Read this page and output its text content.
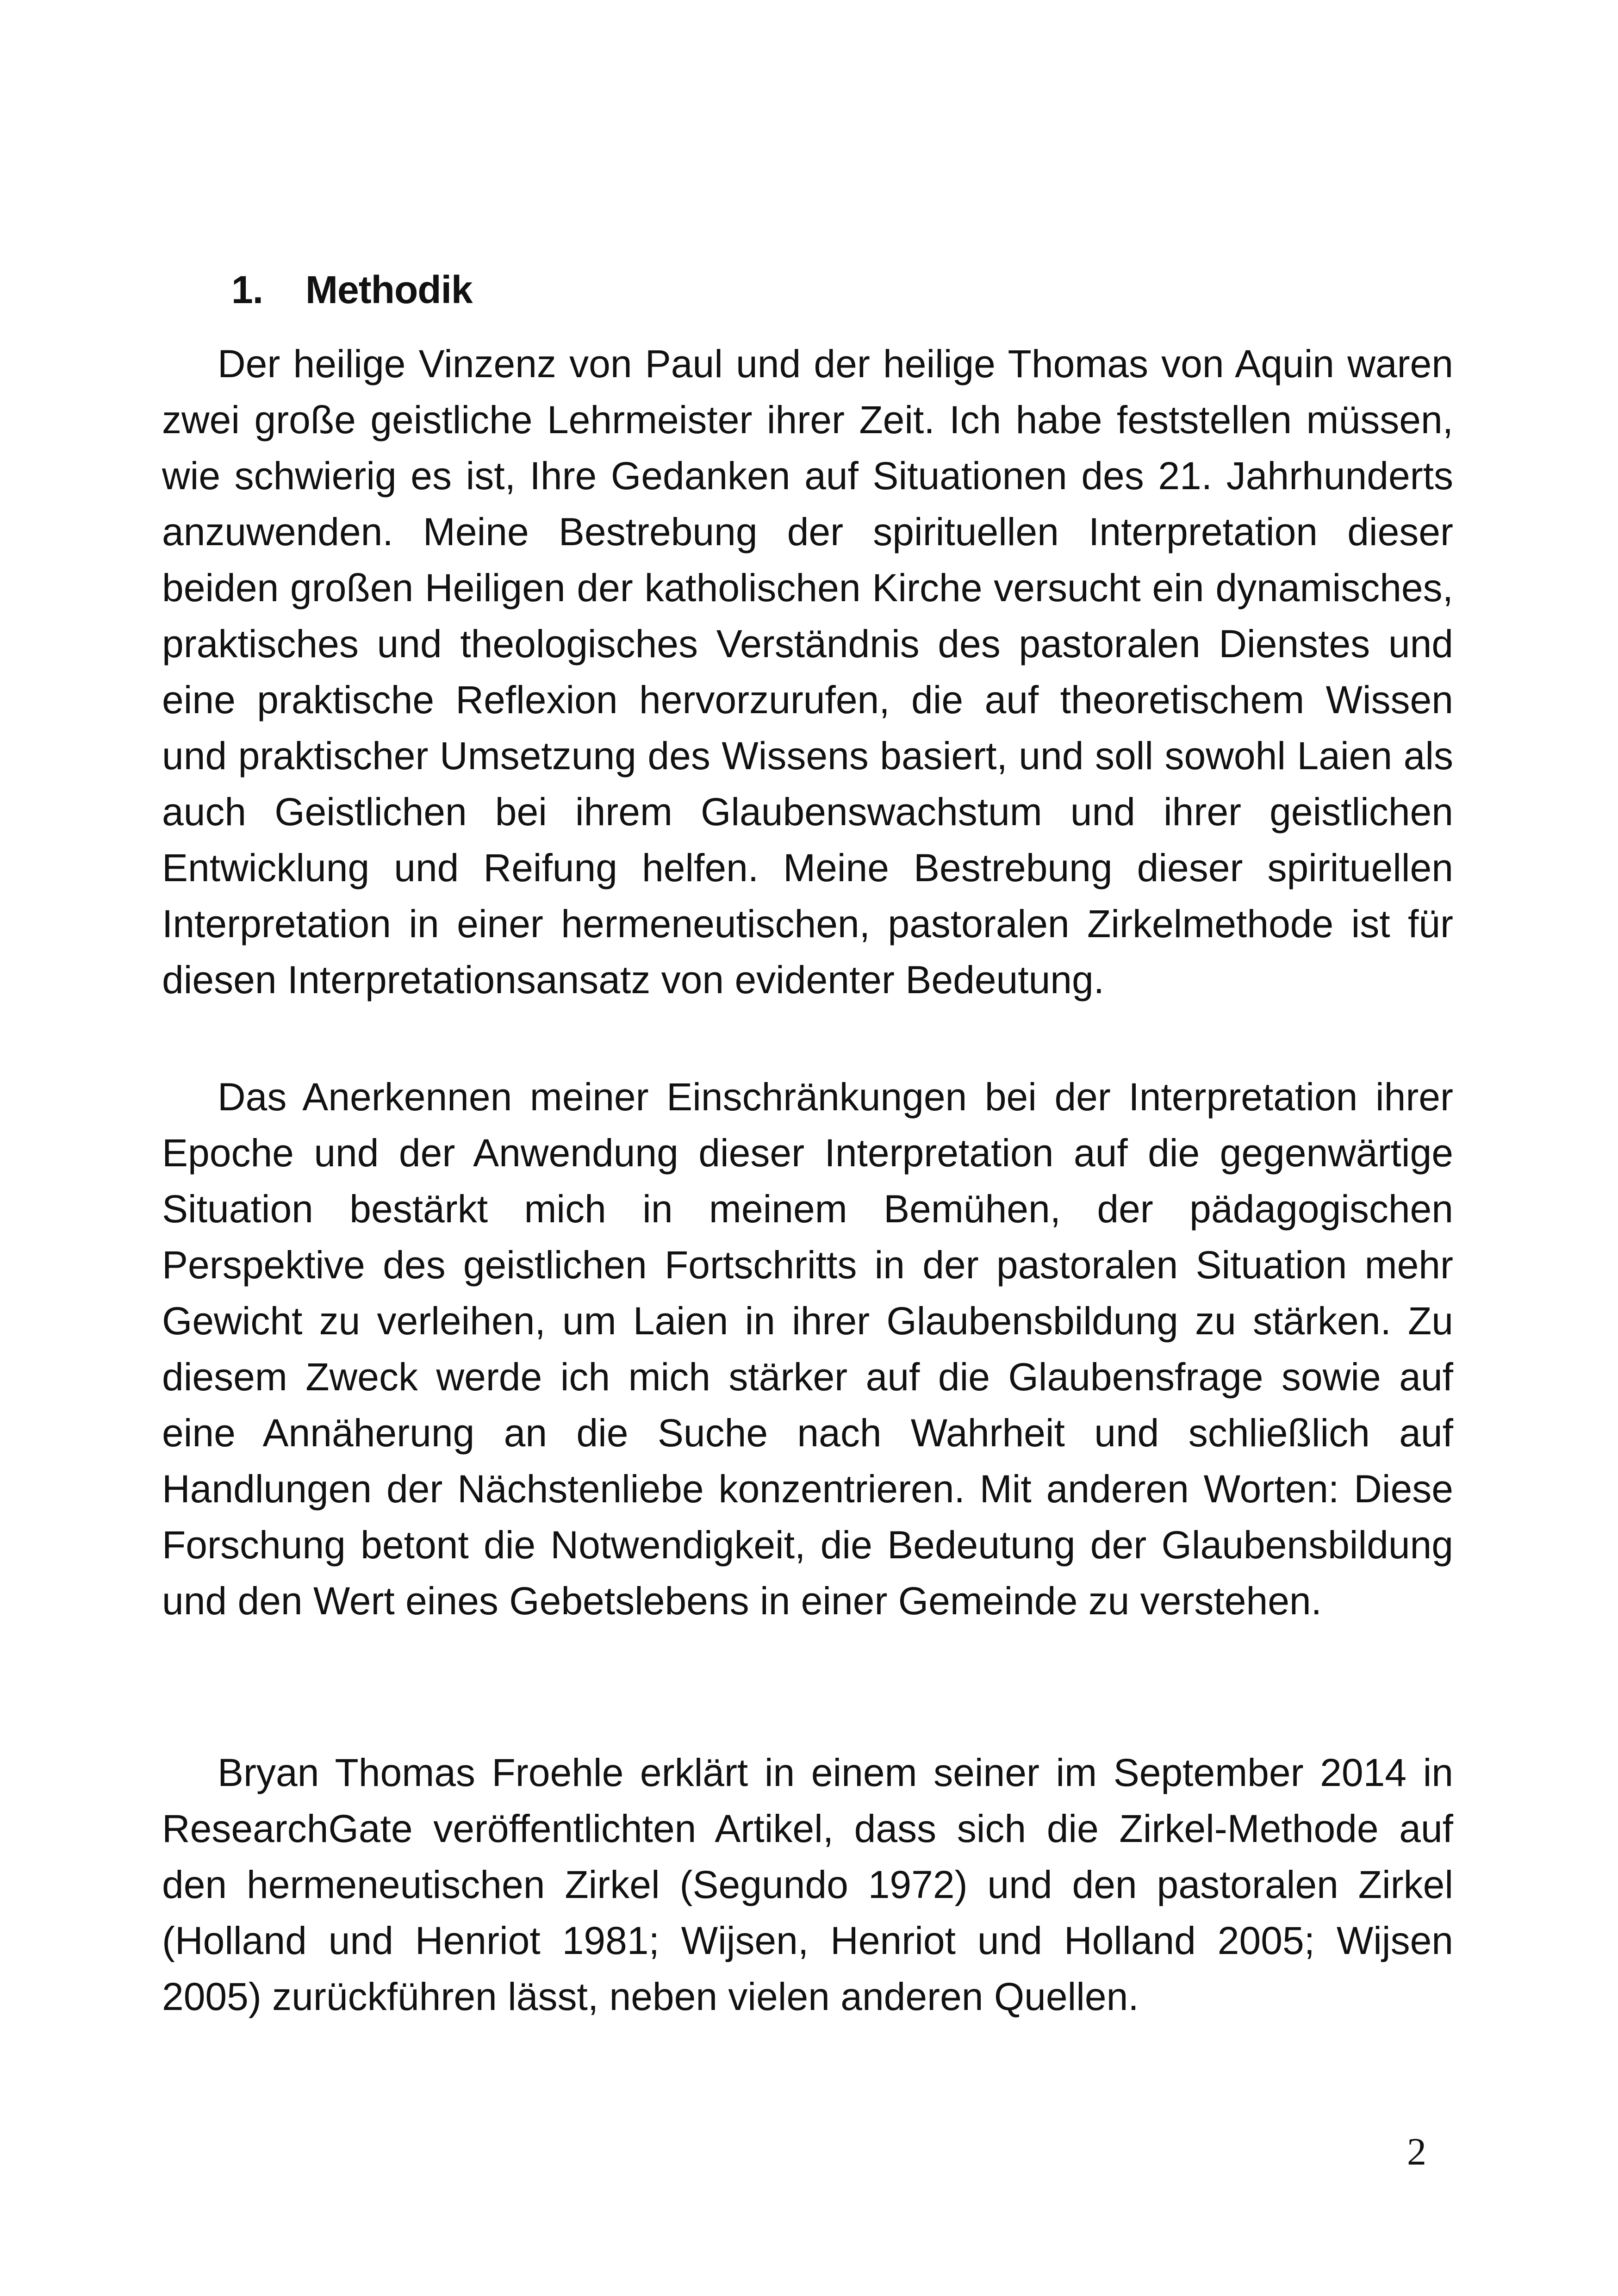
1. Methodik

Der heilige Vinzenz von Paul und der heilige Thomas von Aquin waren zwei große geistliche Lehrmeister ihrer Zeit. Ich habe feststellen müssen, wie schwierig es ist, Ihre Gedanken auf Situationen des 21. Jahrhunderts anzuwenden. Meine Bestrebung der spirituellen Interpretation dieser beiden großen Heiligen der katholischen Kirche versucht ein dynamisches, praktisches und theologisches Verständnis des pastoralen Dienstes und eine praktische Reflexion hervorzurufen, die auf theoretischem Wissen und praktischer Umsetzung des Wissens basiert, und soll sowohl Laien als auch Geistlichen bei ihrem Glaubenswachstum und ihrer geistlichen Entwicklung und Reifung helfen. Meine Bestrebung dieser spirituellen Interpretation in einer hermeneutischen, pastoralen Zirkelmethode ist für diesen Interpretationsansatz von evidenter Bedeutung.

Das Anerkennen meiner Einschränkungen bei der Interpretation ihrer Epoche und der Anwendung dieser Interpretation auf die gegenwärtige Situation bestärkt mich in meinem Bemühen, der pädagogischen Perspektive des geistlichen Fortschritts in der pastoralen Situation mehr Gewicht zu verleihen, um Laien in ihrer Glaubensbildung zu stärken. Zu diesem Zweck werde ich mich stärker auf die Glaubensfrage sowie auf eine Annäherung an die Suche nach Wahrheit und schließlich auf Handlungen der Nächstenliebe konzentrieren. Mit anderen Worten: Diese Forschung betont die Notwendigkeit, die Bedeutung der Glaubensbildung und den Wert eines Gebetslebens in einer Gemeinde zu verstehen.

Bryan Thomas Froehle erklärt in einem seiner im September 2014 in ResearchGate veröffentlichten Artikel, dass sich die Zirkel-Methode auf den hermeneutischen Zirkel (Segundo 1972) und den pastoralen Zirkel (Holland und Henriot 1981; Wijsen, Henriot und Holland 2005; Wijsen 2005) zurückführen lässt, neben vielen anderen Quellen.

2
